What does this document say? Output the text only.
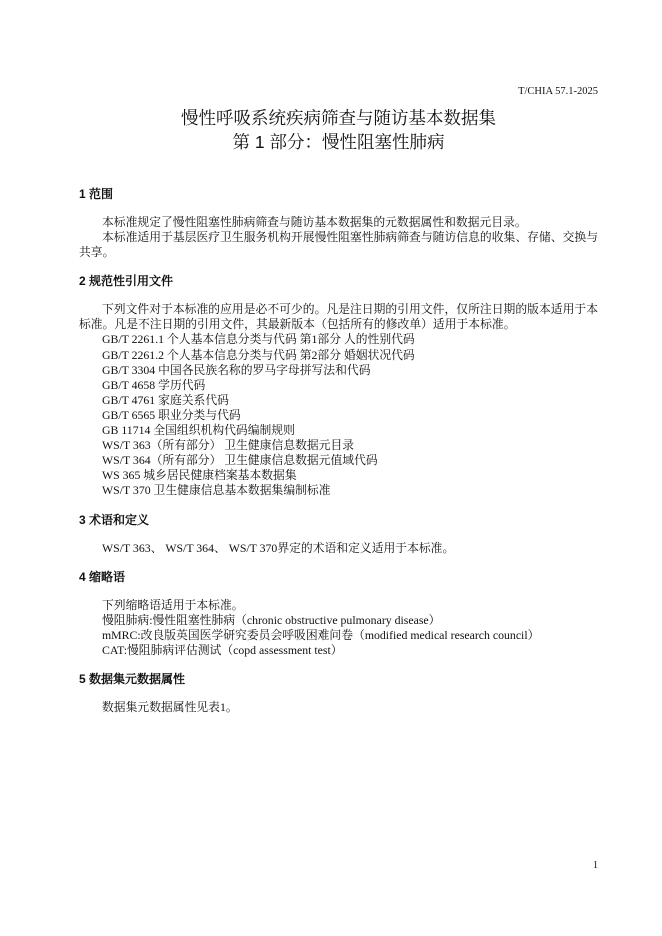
T/CHIA 57.1-2025
慢性呼吸系统疾病筛查与随访基本数据集
第 1 部分：慢性阻塞性肺病
1 范围

本标准规定了慢性阻塞性肺病筛查与随访基本数据集的元数据属性和数据元目录。

本标准适用于基层医疗卫生服务机构开展慢性阻塞性肺病筛查与随访信息的收集、存储、交换与共享。

2 规范性引用文件

下列文件对于本标准的应用是必不可少的。凡是注日期的引用文件，仅所注日期的版本适用于本标准。凡是不注日期的引用文件，其最新版本（包括所有的修改单）适用于本标准。

GB/T 2261.1 个人基本信息分类与代码 第1部分 人的性别代码
GB/T 2261.2 个人基本信息分类与代码 第2部分 婚姻状况代码
GB/T 3304 中国各民族名称的罗马字母拼写法和代码
GB/T 4658 学历代码
GB/T 4761 家庭关系代码
GB/T 6565 职业分类与代码
GB 11714 全国组织机构代码编制规则
WS/T 363（所有部分） 卫生健康信息数据元目录
WS/T 364（所有部分） 卫生健康信息数据元值域代码
WS 365 城乡居民健康档案基本数据集
WS/T 370 卫生健康信息基本数据集编制标准
3 术语和定义

WS/T 363、 WS/T 364、 WS/T 370界定的术语和定义适用于本标准。

4 缩略语

下列缩略语适用于本标准。

慢阻肺病:慢性阻塞性肺病（chronic obstructive pulmonary disease）
mMRC:改良版英国医学研究委员会呼吸困难问卷（modified medical research council）
CAT:慢阻肺病评估测试（copd assessment test）
5 数据集元数据属性

数据集元数据属性见表1。

1
